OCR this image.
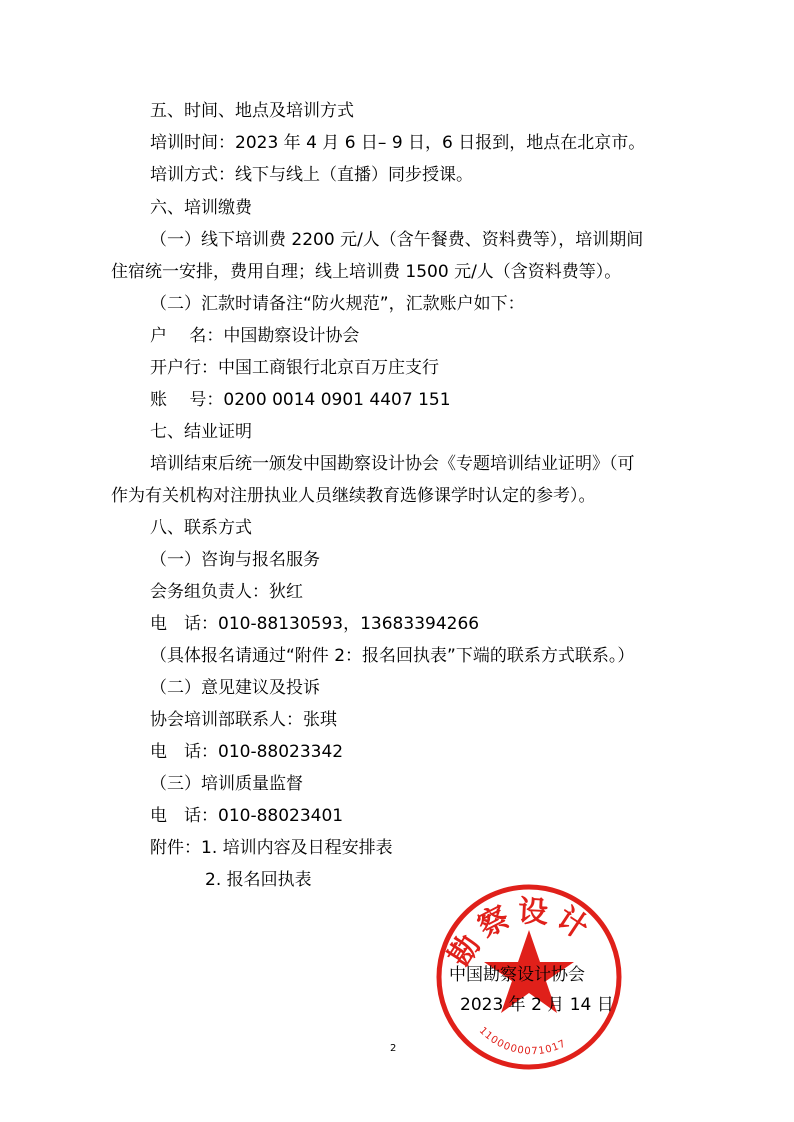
五、时间、地点及培训方式
培训时间：2023 年 4 月 6 日– 9 日，6 日报到，地点在北京市。
培训方式：线下与线上（直播）同步授课。
六、培训缴费
（一）线下培训费 2200 元/人（含午餐费、资料费等），培训期间
住宿统一安排，费用自理；线上培训费 1500 元/人（含资料费等）。
（二）汇款时请备注“防火规范”，汇款账户如下：
户　 名：中国勘察设计协会
开户行：中国工商银行北京百万庄支行
账　 号：0200 0014 0901 4407 151
七、结业证明
培训结束后统一颁发中国勘察设计协会《专题培训结业证明》（可
作为有关机构对注册执业人员继续教育选修课学时认定的参考）。
八、联系方式
（一）咨询与报名服务
会务组负责人：狄红
电　话：010-88130593，13683394266
（具体报名请通过“附件 2：报名回执表”下端的联系方式联系。）
（二）意见建议及投诉
协会培训部联系人：张琪
电　话：010-88023342
（三）培训质量监督
电　话：010-88023401
附件：1. 培训内容及日程安排表
2. 报名回执表
勘察设计
1100000071017
中国勘察设计协会
2023 年 2 月 14 日
2
